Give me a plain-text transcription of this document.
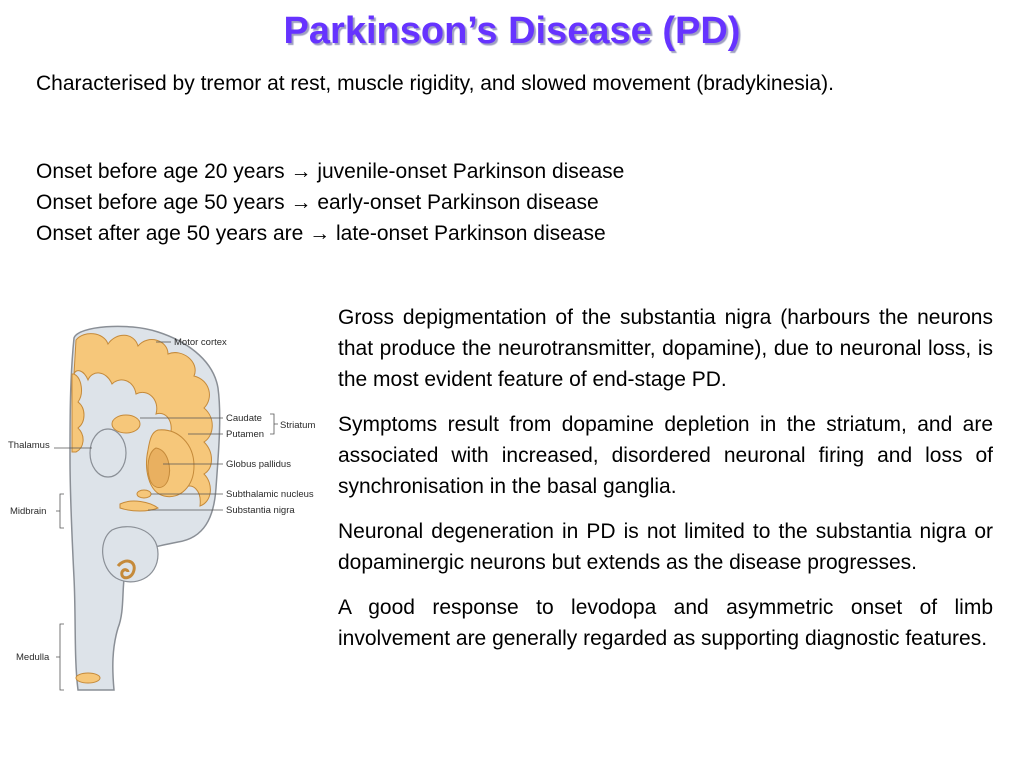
Parkinson’s Disease (PD)

Characterised by tremor at rest, muscle rigidity, and slowed movement (bradykinesia).

Onset before age 20 years → juvenile-onset Parkinson disease
Onset before age 50 years → early-onset Parkinson disease
Onset after age 50 years are → late-onset Parkinson disease
Motor cortex
Caudate
Putamen
Striatum
Thalamus
Globus pallidus
Subthalamic nucleus
Substantia nigra
Midbrain
Medulla

Gross depigmentation of the substantia nigra (harbours the neurons that produce the neurotransmitter, dopamine), due to neuronal loss, is the most evident feature of end-stage PD.

Symptoms result from dopamine depletion in the striatum, and are associated with increased, disordered neuronal firing and loss of synchronisation in the basal ganglia.

Neuronal degeneration in PD is not limited to the substantia nigra or dopaminergic neurons but extends as the disease progresses.

A good response to levodopa and asymmetric onset of limb involvement are generally regarded as supporting diagnostic features.
